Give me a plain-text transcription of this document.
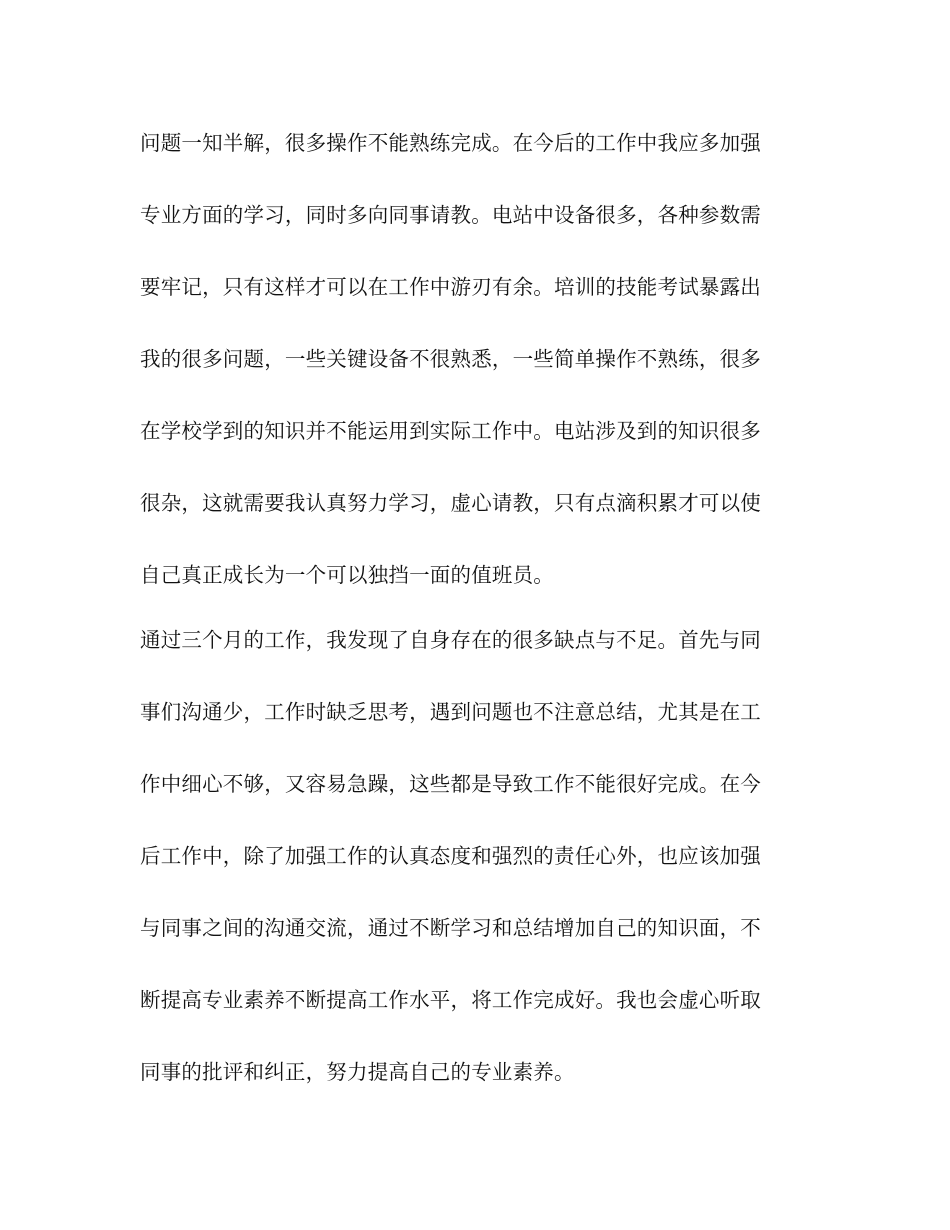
问题一知半解，很多操作不能熟练完成。在今后的工作中我应多加强
专业方面的学习，同时多向同事请教。电站中设备很多，各种参数需
要牢记，只有这样才可以在工作中游刃有余。培训的技能考试暴露出
我的很多问题，一些关键设备不很熟悉，一些简单操作不熟练，很多
在学校学到的知识并不能运用到实际工作中。电站涉及到的知识很多
很杂，这就需要我认真努力学习，虚心请教，只有点滴积累才可以使
自己真正成长为一个可以独挡一面的值班员。
通过三个月的工作，我发现了自身存在的很多缺点与不足。首先与同
事们沟通少，工作时缺乏思考，遇到问题也不注意总结，尤其是在工
作中细心不够，又容易急躁，这些都是导致工作不能很好完成。在今
后工作中，除了加强工作的认真态度和强烈的责任心外，也应该加强
与同事之间的沟通交流，通过不断学习和总结增加自己的知识面，不
断提高专业素养不断提高工作水平，将工作完成好。我也会虚心听取
同事的批评和纠正，努力提高自己的专业素养。
